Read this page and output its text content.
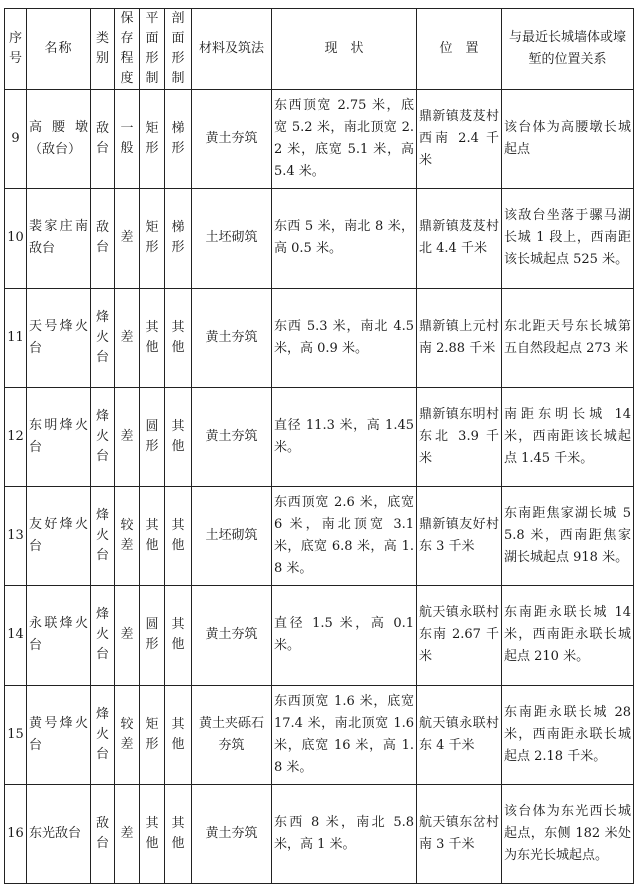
序号	名称	类别	保存程度	平面形制	剖面形制	材料及筑法	现　状	位　置	与最近长城墙体或壕堑的位置关系
9	高腰墩（敌台）	敌台	一般	矩形	梯形	黄土夯筑	东西顶宽 2.75 米，底宽 5.2 米，南北顶宽 2.2 米，底宽 5.1 米，高 5.4 米。	鼎新镇芨芨村西南 2.4 千米	该台体为高腰墩长城起点
10	裴家庄南敌台	敌台	差	矩形	梯形	土坯砌筑	东西 5 米，南北 8 米，高 0.5 米。	鼎新镇芨芨村北 4.4 千米	该敌台坐落于骡马湖长城 1 段上，西南距该长城起点 525 米。
11	天号烽火台	烽火台	差	其他	其他	黄土夯筑	东西 5.3 米，南北 4.5 米，高 0.9 米。	鼎新镇上元村南 2.88 千米	东北距天号东长城第五自然段起点 273 米
12	东明烽火台	烽火台	差	圆形	其他	黄土夯筑	直径 11.3 米，高 1.45 米。	鼎新镇东明村东北 3.9 千米	南距东明长城 14 米，西南距该长城起点 1.45 千米。
13	友好烽火台	烽火台	较差	其他	其他	土坯砌筑	东西顶宽 2.6 米，底宽 6 米，南北顶宽 3.1 米，底宽 6.8 米，高 1.8 米。	鼎新镇友好村东 3 千米	东南距焦家湖长城 55.8 米，西南距焦家湖长城起点 918 米。
14	永联烽火台	烽火台	差	圆形	其他	黄土夯筑	直径 1.5 米，高 0.1 米。	航天镇永联村东南 2.67 千米	东南距永联长城 14 米，西南距永联长城起点 210 米。
15	黄号烽火台	烽火台	较差	矩形	其他	黄土夹砾石夯筑	东西顶宽 1.6 米，底宽 17.4 米，南北顶宽 1.6 米，底宽 16 米，高 1.8 米。	航天镇永联村东 4 千米	东南距永联长城 28 米，西南距永联长城起点 2.18 千米。
16	东光敌台	敌台	差	其他	其他	黄土夯筑	东西 8 米，南北 5.8 米，高 1 米。	航天镇东岔村南 3 千米	该台体为东光西长城起点，东侧 182 米处为东光长城起点。
